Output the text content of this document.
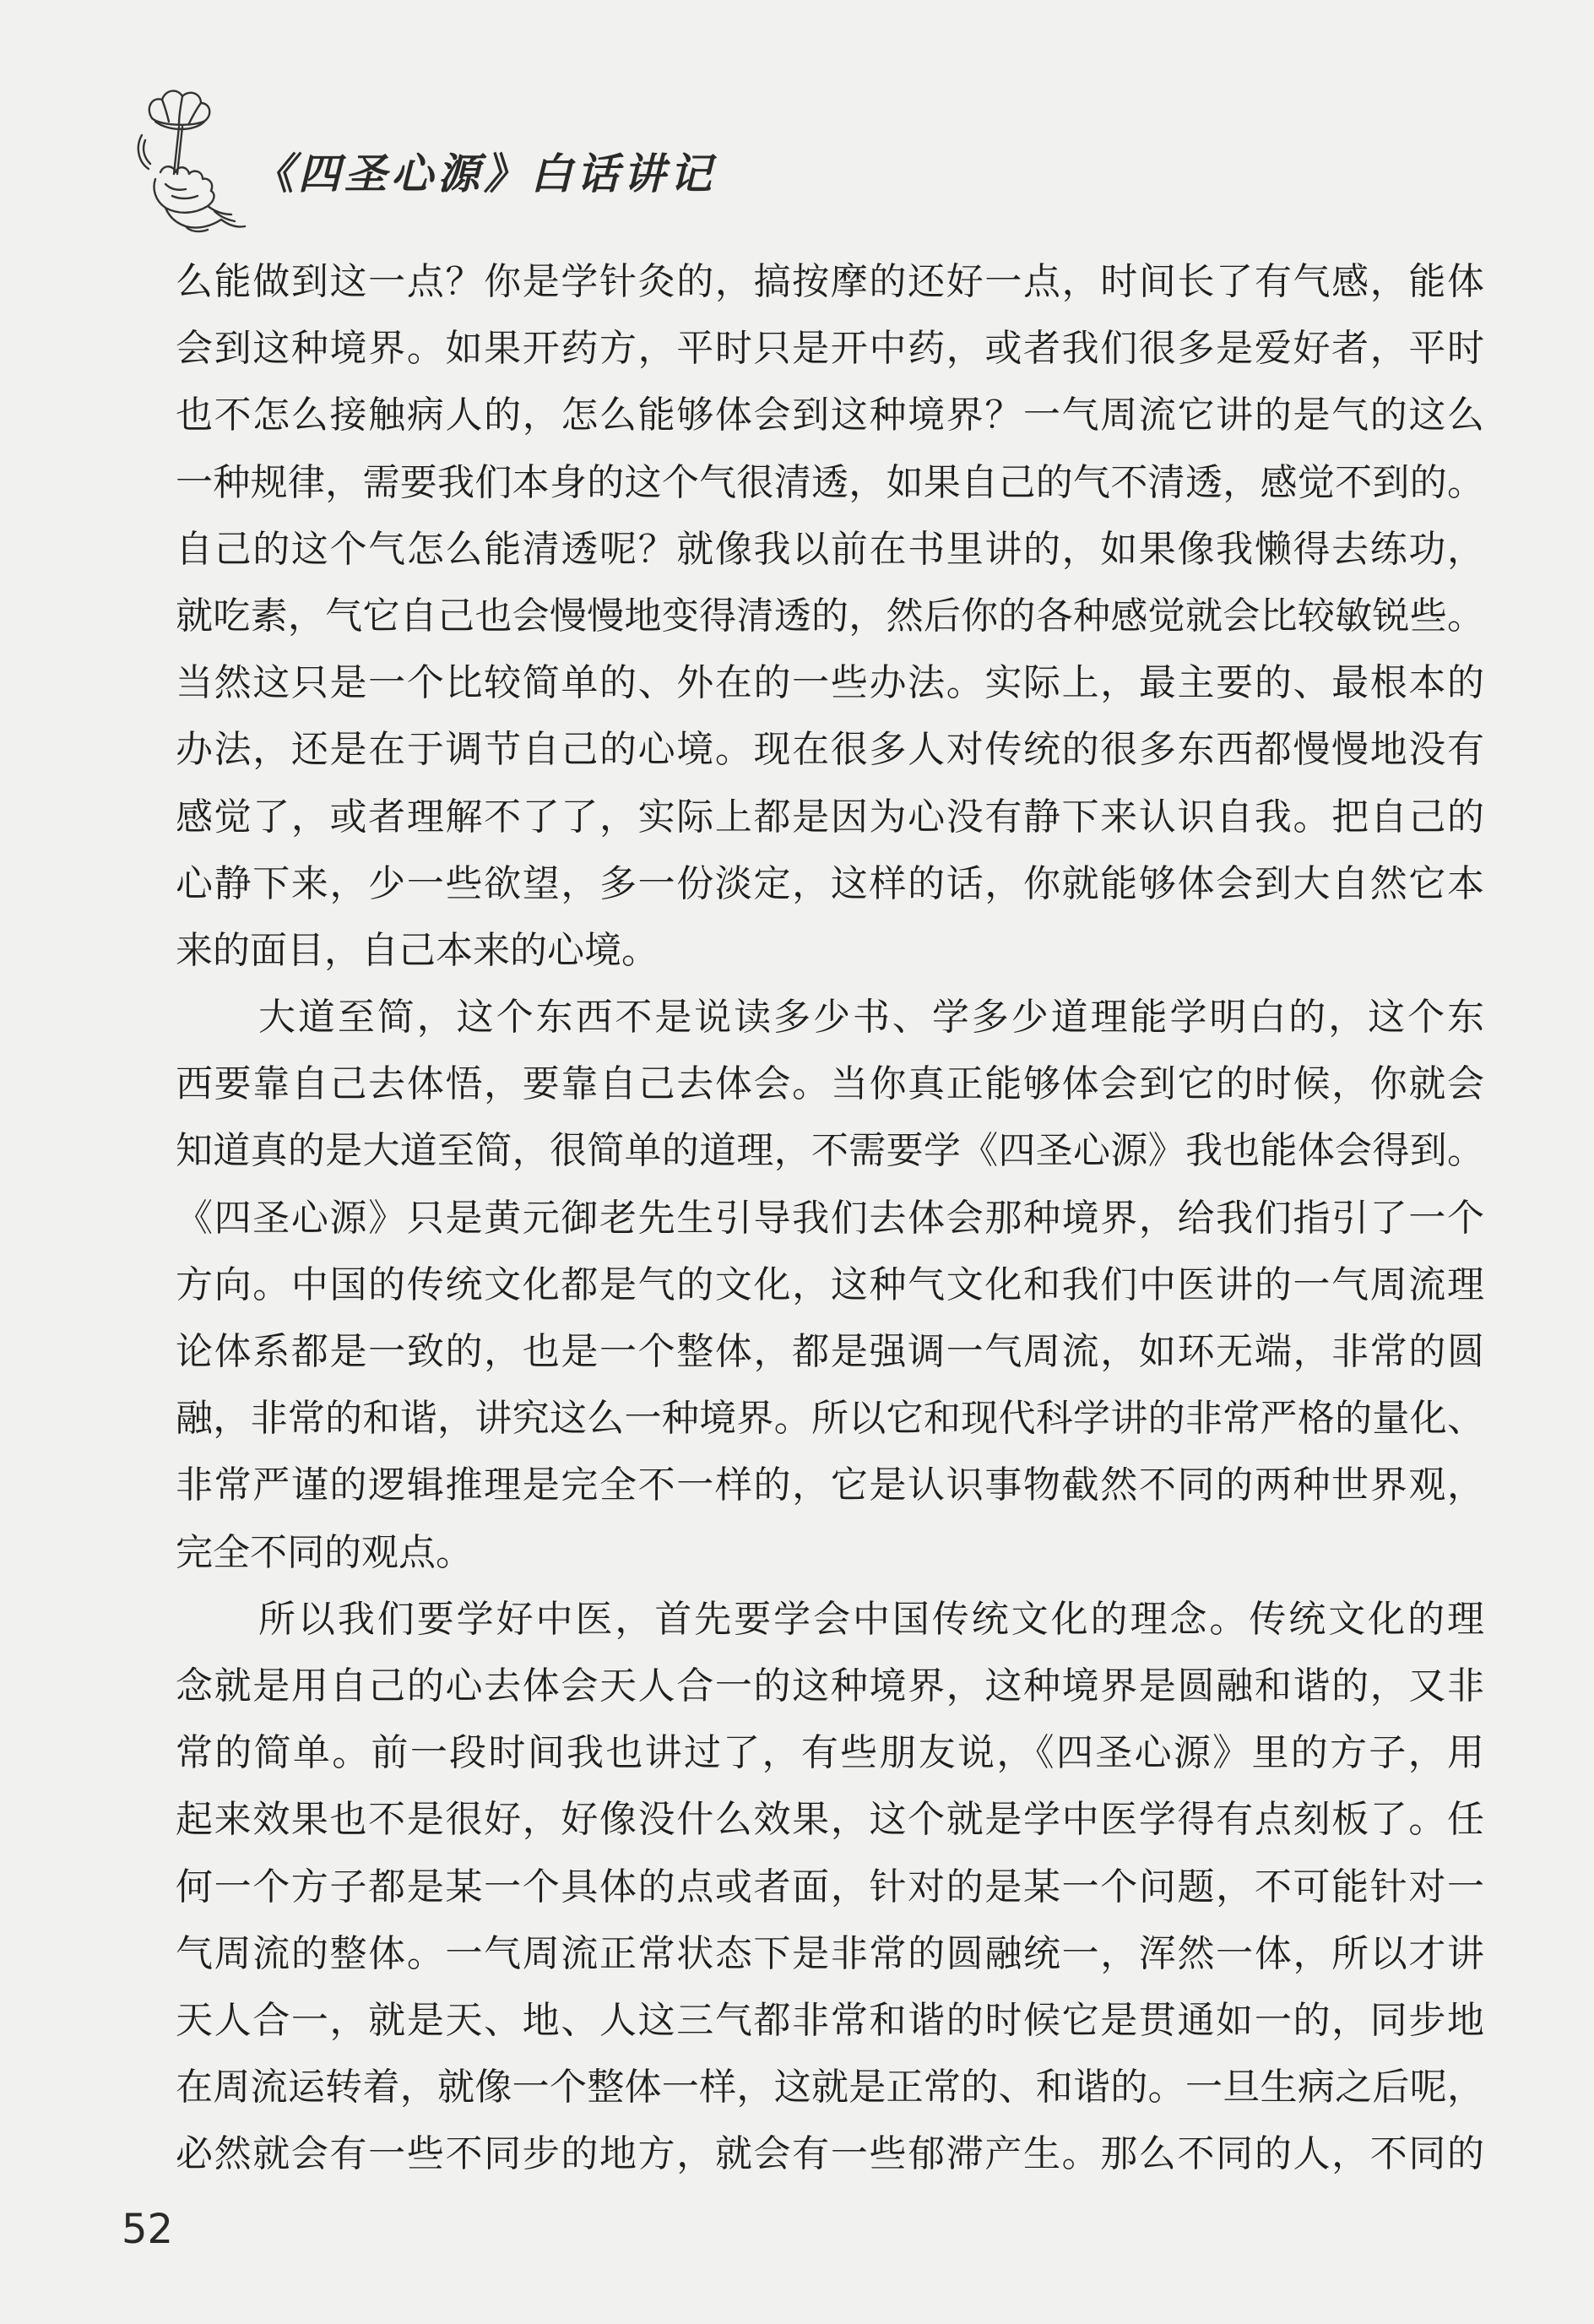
《四圣心源》白话讲记
么能做到这一点？你是学针灸的，搞按摩的还好一点，时间长了有气感，能体
会到这种境界。如果开药方，平时只是开中药，或者我们很多是爱好者，平时
也不怎么接触病人的，怎么能够体会到这种境界？一气周流它讲的是气的这么
一种规律，需要我们本身的这个气很清透，如果自己的气不清透，感觉不到的。
自己的这个气怎么能清透呢？就像我以前在书里讲的，如果像我懒得去练功，
就吃素，气它自己也会慢慢地变得清透的，然后你的各种感觉就会比较敏锐些。
当然这只是一个比较简单的、外在的一些办法。实际上，最主要的、最根本的
办法，还是在于调节自己的心境。现在很多人对传统的很多东西都慢慢地没有
感觉了，或者理解不了了，实际上都是因为心没有静下来认识自我。把自己的
心静下来，少一些欲望，多一份淡定，这样的话，你就能够体会到大自然它本
来的面目，自己本来的心境。
大道至简，这个东西不是说读多少书、学多少道理能学明白的，这个东
西要靠自己去体悟，要靠自己去体会。当你真正能够体会到它的时候，你就会
知道真的是大道至简，很简单的道理，不需要学《四圣心源》我也能体会得到。
《四圣心源》只是黄元御老先生引导我们去体会那种境界，给我们指引了一个
方向。中国的传统文化都是气的文化，这种气文化和我们中医讲的一气周流理
论体系都是一致的，也是一个整体，都是强调一气周流，如环无端，非常的圆
融，非常的和谐，讲究这么一种境界。所以它和现代科学讲的非常严格的量化、
非常严谨的逻辑推理是完全不一样的，它是认识事物截然不同的两种世界观，
完全不同的观点。
所以我们要学好中医，首先要学会中国传统文化的理念。传统文化的理
念就是用自己的心去体会天人合一的这种境界，这种境界是圆融和谐的，又非
常的简单。前一段时间我也讲过了，有些朋友说，《四圣心源》里的方子，用
起来效果也不是很好，好像没什么效果，这个就是学中医学得有点刻板了。任
何一个方子都是某一个具体的点或者面，针对的是某一个问题，不可能针对一
气周流的整体。一气周流正常状态下是非常的圆融统一，浑然一体，所以才讲
天人合一，就是天、地、人这三气都非常和谐的时候它是贯通如一的，同步地
在周流运转着，就像一个整体一样，这就是正常的、和谐的。一旦生病之后呢，
必然就会有一些不同步的地方，就会有一些郁滞产生。那么不同的人，不同的
52
